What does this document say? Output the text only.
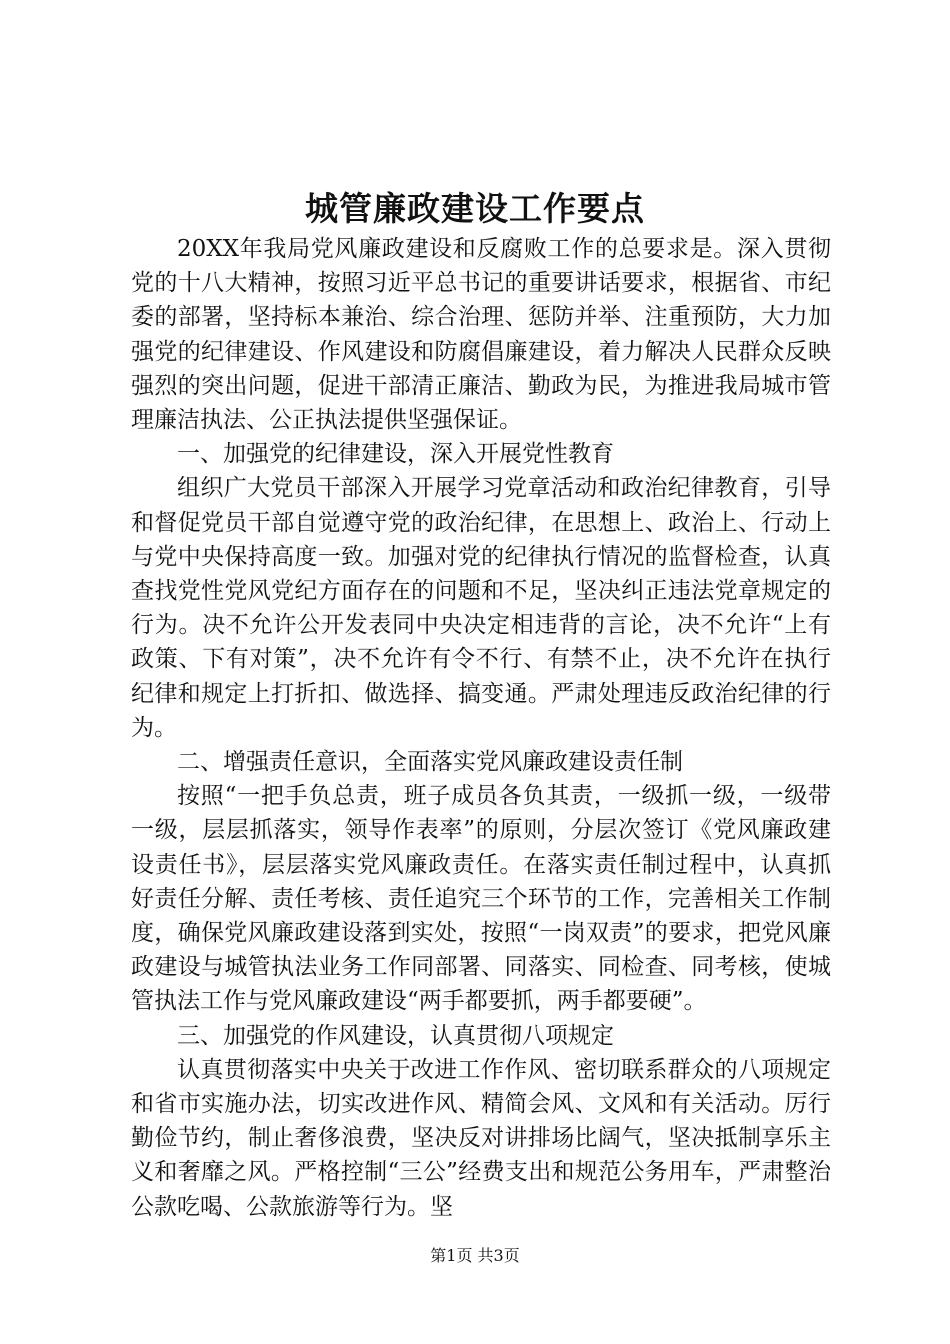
城管廉政建设工作要点

20XX年我局党风廉政建设和反腐败工作的总要求是。深入贯彻党的十八大精神，按照习近平总书记的重要讲话要求，根据省、市纪委的部署，坚持标本兼治、综合治理、惩防并举、注重预防，大力加强党的纪律建设、作风建设和防腐倡廉建设，着力解决人民群众反映强烈的突出问题，促进干部清正廉洁、勤政为民，为推进我局城市管理廉洁执法、公正执法提供坚强保证。

一、加强党的纪律建设，深入开展党性教育

组织广大党员干部深入开展学习党章活动和政治纪律教育，引导和督促党员干部自觉遵守党的政治纪律，在思想上、政治上、行动上与党中央保持高度一致。加强对党的纪律执行情况的监督检查，认真查找党性党风党纪方面存在的问题和不足，坚决纠正违法党章规定的行为。决不允许公开发表同中央决定相违背的言论，决不允许“上有政策、下有对策”，决不允许有令不行、有禁不止，决不允许在执行纪律和规定上打折扣、做选择、搞变通。严肃处理违反政治纪律的行为。

二、增强责任意识，全面落实党风廉政建设责任制

按照“一把手负总责，班子成员各负其责，一级抓一级，一级带一级，层层抓落实，领导作表率”的原则，分层次签订《党风廉政建设责任书》，层层落实党风廉政责任。在落实责任制过程中，认真抓好责任分解、责任考核、责任追究三个环节的工作，完善相关工作制度，确保党风廉政建设落到实处，按照“一岗双责”的要求，把党风廉政建设与城管执法业务工作同部署、同落实、同检查、同考核，使城管执法工作与党风廉政建设“两手都要抓，两手都要硬”。

三、加强党的作风建设，认真贯彻八项规定

认真贯彻落实中央关于改进工作作风、密切联系群众的八项规定和省市实施办法，切实改进作风、精简会风、文风和有关活动。厉行勤俭节约，制止奢侈浪费，坚决反对讲排场比阔气，坚决抵制享乐主义和奢靡之风。严格控制“三公”经费支出和规范公务用车，严肃整治公款吃喝、公款旅游等行为。坚

第1页 共3页
